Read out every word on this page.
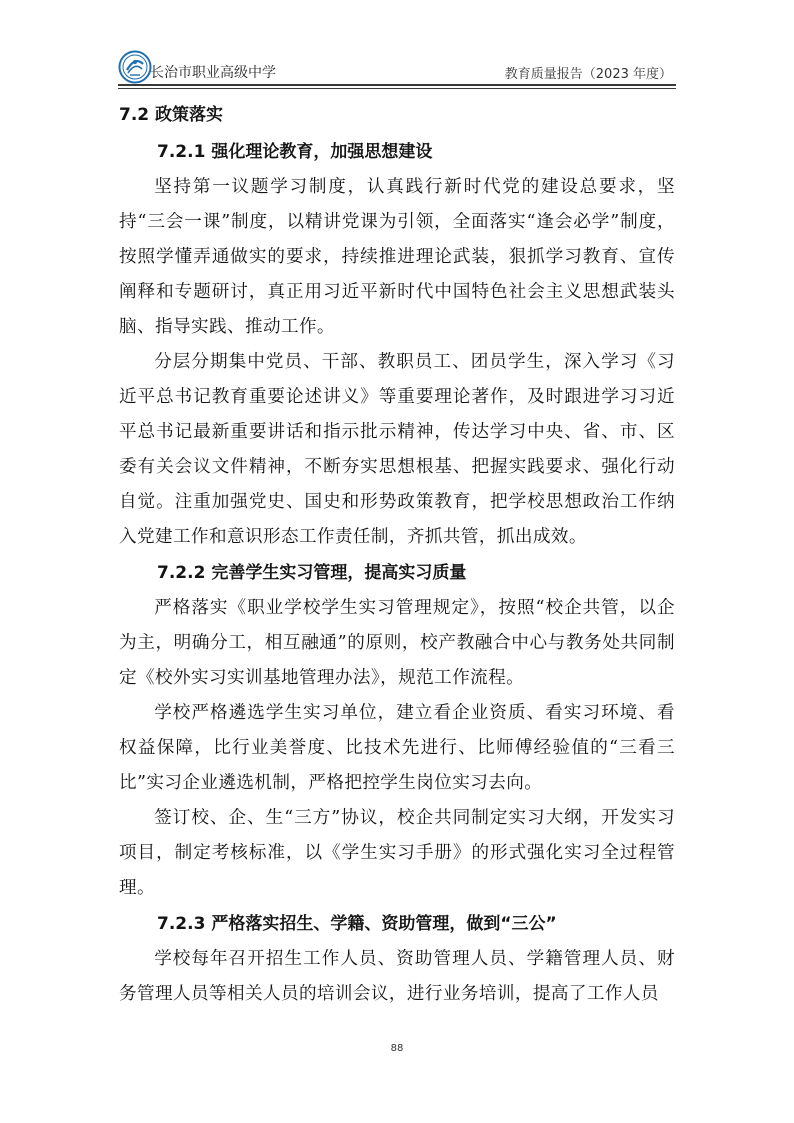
长治市职业高级中学	教育质量报告（2023 年度）
7.2 政策落实
7.2.1 强化理论教育，加强思想建设

坚持第一议题学习制度，认真践行新时代党的建设总要求，坚持“三会一课”制度，以精讲党课为引领，全面落实“逢会必学”制度，按照学懂弄通做实的要求，持续推进理论武装，狠抓学习教育、宣传阐释和专题研讨，真正用习近平新时代中国特色社会主义思想武装头脑、指导实践、推动工作。

分层分期集中党员、干部、教职员工、团员学生，深入学习《习近平总书记教育重要论述讲义》等重要理论著作，及时跟进学习习近平总书记最新重要讲话和指示批示精神，传达学习中央、省、市、区委有关会议文件精神，不断夯实思想根基、把握实践要求、强化行动自觉。注重加强党史、国史和形势政策教育，把学校思想政治工作纳入党建工作和意识形态工作责任制，齐抓共管，抓出成效。

7.2.2 完善学生实习管理，提高实习质量

严格落实《职业学校学生实习管理规定》，按照“校企共管，以企为主，明确分工，相互融通”的原则，校产教融合中心与教务处共同制定《校外实习实训基地管理办法》，规范工作流程。

学校严格遴选学生实习单位，建立看企业资质、看实习环境、看权益保障，比行业美誉度、比技术先进行、比师傅经验值的“三看三比”实习企业遴选机制，严格把控学生岗位实习去向。

签订校、企、生“三方”协议，校企共同制定实习大纲，开发实习项目，制定考核标准，以《学生实习手册》的形式强化实习全过程管理。

7.2.3 严格落实招生、学籍、资助管理，做到“三公”

学校每年召开招生工作人员、资助管理人员、学籍管理人员、财务管理人员等相关人员的培训会议，进行业务培训，提高了工作人员

88
